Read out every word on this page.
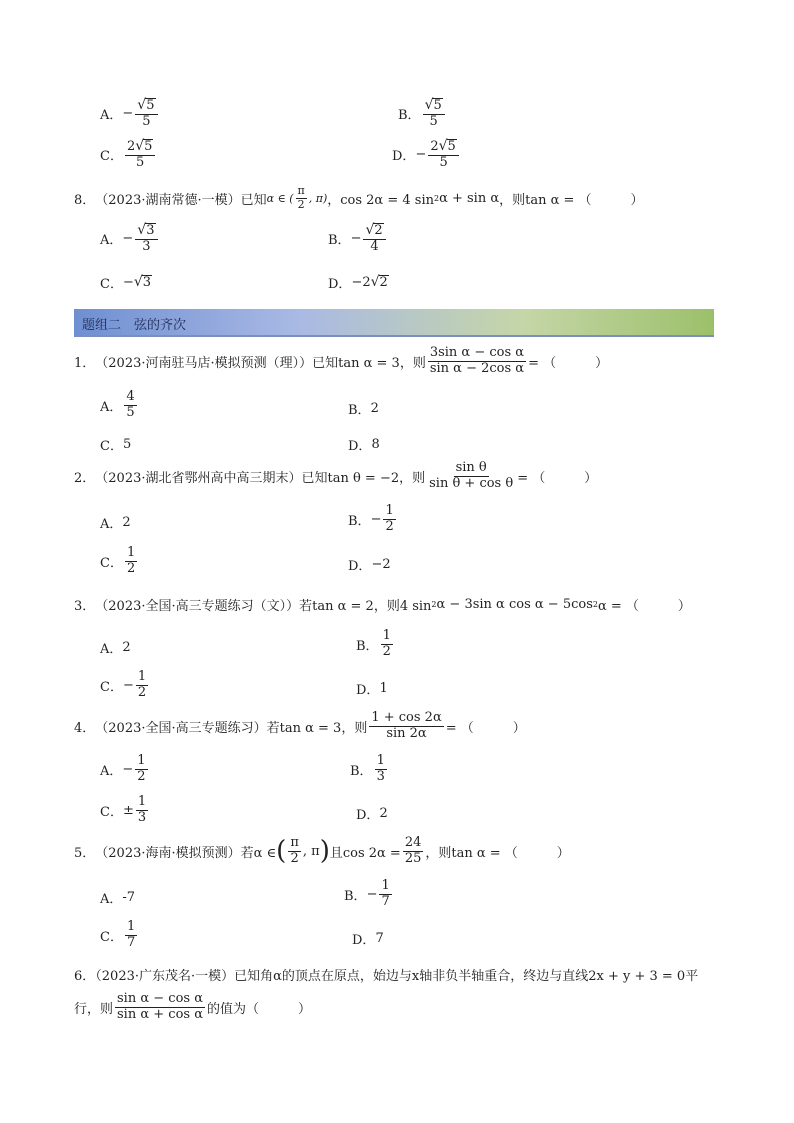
A． − $\frac{√ 5}{5}$	B． $\frac{√ 5}{5}$
C． $\frac{2 √ 5}{5}$	D． − $\frac{2 √ 5}{5}$
8． （2023·湖南常德·一模）已知 α ∈ ( $\frac{\pi}{2}$ , π) ，cos 2α = 4 sin 2 α + sin α ，则tan α = （　　　）
A． − $\frac{√ 3}{3}$	B． − $\frac{√ 2}{4}$
C． − √ 3	D． −2 √ 2
题组二　弦的齐次
1． （2023·河南驻马店·模拟预测（理））已知tan α = 3，则 $\frac{\text{3sin α − cos α}}{\text{sin α − 2cos α}}$ = （　　　）
A． $\frac{4}{5}$	B． 2
C． 5	D． 8
2． （2023·湖北省鄂州高中高三期末）已知tan θ = −2，则 $\frac{\text{sin θ}}{\text{sin θ + cos θ}}$ = （　　　）
A． 2	B． − $\frac{1}{2}$
C． $\frac{1}{2}$	D． −2
3． （2023·全国·高三专题练习（文））若tan α = 2，则4 sin 2 α − 3sin α cos α − 5cos 2 α = （　　　）
A． 2	B． $\frac{1}{2}$
C． − $\frac{1}{2}$	D． 1
4． （2023·全国·高三专题练习）若tan α = 3，则 $\frac{1 + \cos 2\alpha}{\sin 2\alpha}$ = （　　　）
A． − $\frac{1}{2}$	B． $\frac{1}{3}$
C． ± $\frac{1}{3}$	D． 2
5． （2023·海南·模拟预测）若α ∈ ( $\frac{\pi}{2}$ , π ) 且$\cos 2\alpha = \frac{24}{25}$ ，则tan α = （　　　）
A． -7	B． − $\frac{1}{7}$
C． $\frac{1}{7}$	D． 7
6．（2023·广东茂名·一模）已知角α的顶点在原点，始边与x轴非负半轴重合，终边与直线2x + y + 3 = 0平
行，则 $\frac{\text{sin α − cos α}}{\text{sin α + cos α}}$ 的值为（　　　）
